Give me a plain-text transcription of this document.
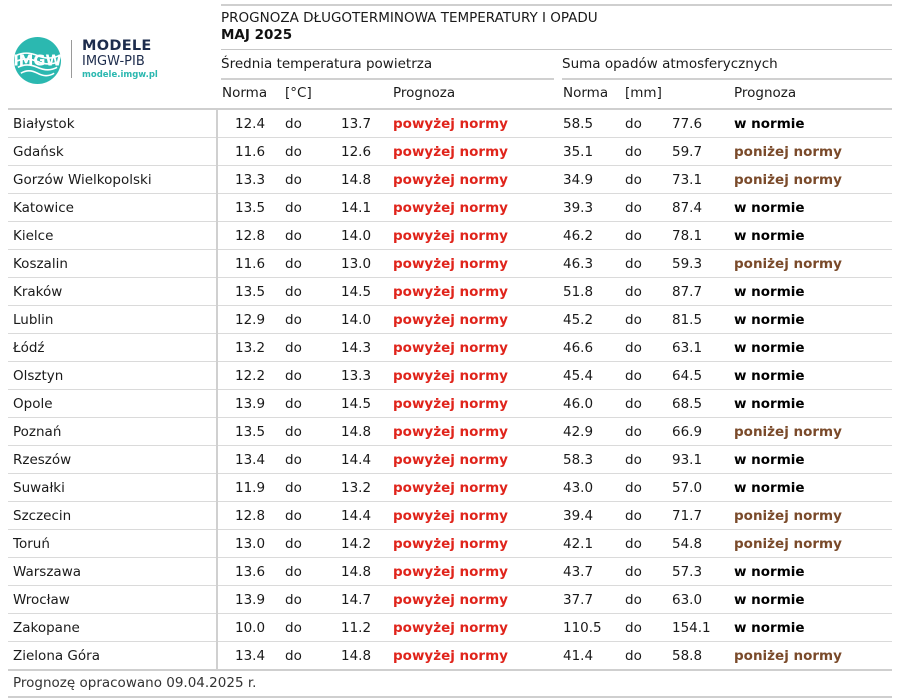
IMGW
MODELE
IMGW-PIB
modele.imgw.pl
PROGNOZA DŁUGOTERMINOWA TEMPERATURY I OPADU
MAJ 2025
Średnia temperatura powietrza	Suma opadów atmosferycznych
Norma [°C]	Prognoza	Norma [mm]	Prognoza
Białystok	12.4 do	13.7 powyżej normy	58.5 do 77.6 w normie
Gdańsk	11.6 do	12.6 powyżej normy	35.1 do 59.7 poniżej normy
Gorzów Wielkopolski	13.3 do	14.8 powyżej normy	34.9 do 73.1 poniżej normy
Katowice	13.5 do	14.1 powyżej normy	39.3 do 87.4 w normie
Kielce	12.8 do	14.0 powyżej normy	46.2 do 78.1 w normie
Koszalin	11.6 do	13.0 powyżej normy	46.3 do 59.3 poniżej normy
Kraków	13.5 do	14.5 powyżej normy	51.8 do 87.7 w normie
Lublin	12.9 do	14.0 powyżej normy	45.2 do 81.5 w normie
Łódź	13.2 do	14.3 powyżej normy	46.6 do 63.1 w normie
Olsztyn	12.2 do	13.3 powyżej normy	45.4 do 64.5 w normie
Opole	13.9 do	14.5 powyżej normy	46.0 do 68.5 w normie
Poznań	13.5 do	14.8 powyżej normy	42.9 do 66.9 poniżej normy
Rzeszów	13.4 do	14.4 powyżej normy	58.3 do 93.1 w normie
Suwałki	11.9 do	13.2 powyżej normy	43.0 do 57.0 w normie
Szczecin	12.8 do	14.4 powyżej normy	39.4 do 71.7 poniżej normy
Toruń	13.0 do	14.2 powyżej normy	42.1 do 54.8 poniżej normy
Warszawa	13.6 do	14.8 powyżej normy	43.7 do 57.3 w normie
Wrocław	13.9 do	14.7 powyżej normy	37.7 do 63.0 w normie
Zakopane	10.0 do	11.2 powyżej normy	110.5 do 154.1 w normie
Zielona Góra	13.4 do	14.8 powyżej normy	41.4 do 58.8 poniżej normy
Prognozę opracowano 09.04.2025 r.
